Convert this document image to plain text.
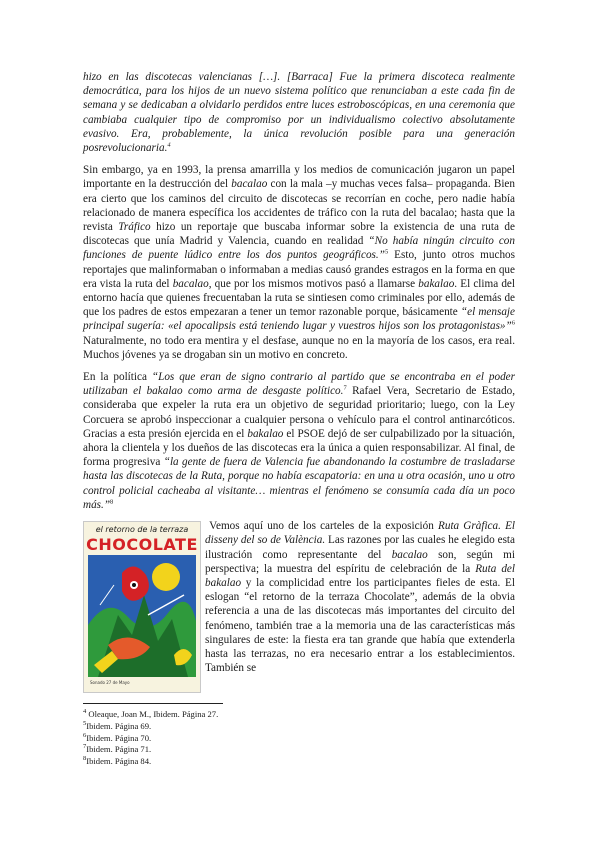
hizo en las discotecas valencianas […]. [Barraca] Fue la primera discoteca realmente democrática, para los hijos de un nuevo sistema político que renunciaban a este cada fin de semana y se dedicaban a olvidarlo perdidos entre luces estroboscópicas, en una ceremonia que cambiaba cualquier tipo de compromiso por un individualismo colectivo absolutamente evasivo. Era, probablemente, la única revolución posible para una generación posrevolucionaria.$^4$

Sin embargo, ya en 1993, la prensa amarrilla y los medios de comunicación jugaron un papel importante en la destrucción del bacalao con la mala –y muchas veces falsa– propaganda. Bien era cierto que los caminos del circuito de discotecas se recorrían en coche, pero nadie había relacionado de manera específica los accidentes de tráfico con la ruta del bacalao; hasta que la revista Tráfico hizo un reportaje que buscaba informar sobre la existencia de una ruta de discotecas que unía Madrid y Valencia, cuando en realidad “No había ningún circuito con funciones de puente lúdico entre los dos puntos geográficos.”$^5$ Esto, junto otros muchos reportajes que malinformaban o informaban a medias causó grandes estragos en la forma en que era vista la ruta del bacalao, que por los mismos motivos pasó a llamarse bakalao. El clima del entorno hacía que quienes frecuentaban la ruta se sintiesen como criminales por ello, además de que los padres de estos empezaran a tener un temor razonable porque, básicamente “el mensaje principal sugería: «el apocalipsis está teniendo lugar y vuestros hijos son los protagonistas»”$^6$ Naturalmente, no todo era mentira y el desfase, aunque no en la mayoría de los casos, era real. Muchos jóvenes ya se drogaban sin un motivo en concreto.

En la política “Los que eran de signo contrario al partido que se encontraba en el poder utilizaban el bakalao como arma de desgaste político.$^7$ Rafael Vera, Secretario de Estado, consideraba que expeler la ruta era un objetivo de seguridad prioritario; luego, con la Ley Corcuera se aprobó inspeccionar a cualquier persona o vehículo para el control antinarcóticos. Gracias a esta presión ejercida en el bakalao el PSOE dejó de ser culpabilizado por la situación, ahora la clientela y los dueños de las discotecas era la única a quien responsabilizar. Al final, de forma progresiva “la gente de fuera de Valencia fue abandonando la costumbre de trasladarse hasta las discotecas de la Ruta, porque no había escapatoria: en una u otra ocasión, uno u otro control policial cacheaba al visitante… mientras el fenómeno se consumía cada día un poco más.”$^8$

el retorno de la terraza
CHOCOLATE
Sonado 27 de Mayo

Vemos aquí uno de los carteles de la exposición Ruta Gràfica. El disseny del so de València. Las razones por las cuales he elegido esta ilustración como representante del bacalao son, según mi perspectiva; la muestra del espíritu de celebración de la Ruta del bakalao y la complicidad entre los participantes fieles de esta. El eslogan “el retorno de la terraza Chocolate”, además de la obvia referencia a una de las discotecas más importantes del circuito del fenómeno, también trae a la memoria una de las características más singulares de este: la fiesta era tan grande que había que extenderla hasta las terrazas, no era necesario entrar a los establecimientos. También se

$^4$ Oleaque, Joan M., Ibidem. Página 27.
$^5$Ibidem. Página 69.
$^6$Ibidem. Página 70.
$^7$Ibidem. Página 71.
$^8$Ibidem. Página 84.
